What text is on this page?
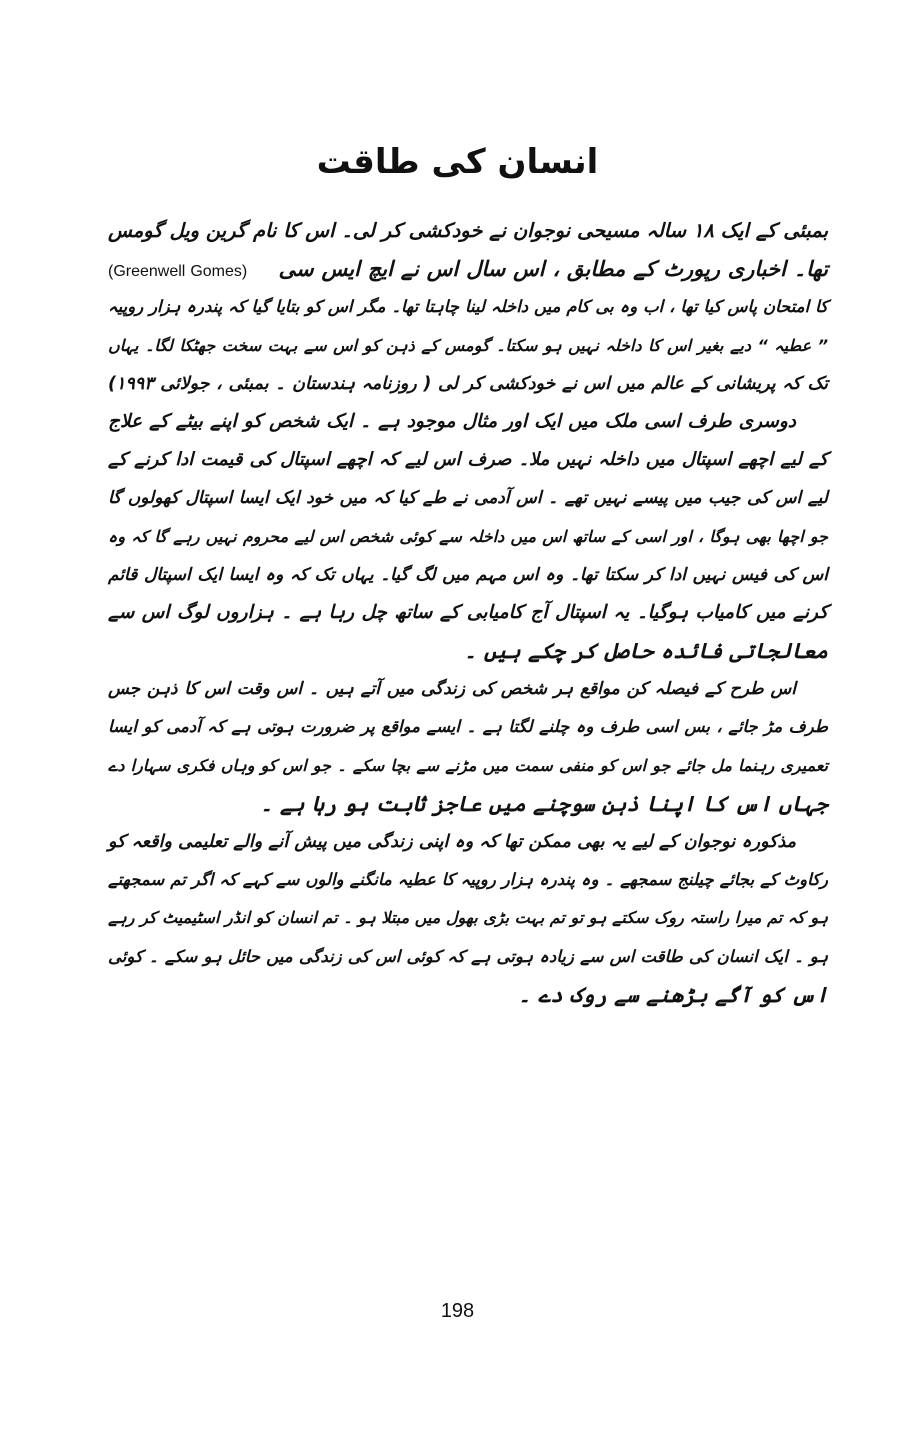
انسان کی طاقت
بمبئی کے ایک ۱۸ سالہ مسیحی نوجوان نے خودکشی کر لی۔ اس کا نام گرین ویل گومس
تھا۔ اخباری رپورٹ کے مطابق ، اس سال اس نے ایچ ایس سی    (Greenwell Gomes)
کا امتحان پاس کیا تھا ، اب وہ بی کام میں داخلہ لینا چاہتا تھا۔ مگر اس کو بتایا گیا کہ پندرہ ہزار روپیہ
” عطیہ “ دیے بغیر اس کا داخلہ نہیں ہو سکتا۔ گومس کے ذہن کو اس سے بہت سخت جھٹکا لگا۔ یہاں
تک کہ پریشانی کے عالم میں اس نے خودکشی کر لی ( روزنامہ ہندستان ۔ بمبئی ، جولائی ۱۹۹۳)
دوسری طرف اسی ملک میں ایک اور مثال موجود ہے ۔ ایک شخص کو اپنے بیٹے کے علاج
کے لیے اچھے اسپتال میں داخلہ نہیں ملا۔ صرف اس لیے کہ اچھے اسپتال کی قیمت ادا کرنے کے
لیے اس کی جیب میں پیسے نہیں تھے ۔ اس آدمی نے طے کیا کہ میں خود ایک ایسا اسپتال کھولوں گا
جو اچھا بھی ہوگا ، اور اسی کے ساتھ اس میں داخلہ سے کوئی شخص اس لیے محروم نہیں رہے گا کہ وہ
اس کی فیس نہیں ادا کر سکتا تھا۔ وہ اس مہم میں لگ گیا۔ یہاں تک کہ وہ ایسا ایک اسپتال قائم
کرنے میں کامیاب ہوگیا۔ یہ اسپتال آج کامیابی کے ساتھ چل رہا ہے ۔ ہزاروں لوگ اس سے
معالجاتی فائدہ حاصل کر چکے ہیں ۔
اس طرح کے فیصلہ کن مواقع ہر شخص کی زندگی میں آتے ہیں ۔ اس وقت اس کا ذہن جس
طرف مڑ جائے ، بس اسی طرف وہ چلنے لگتا ہے ۔ ایسے مواقع پر ضرورت ہوتی ہے کہ آدمی کو ایسا
تعمیری رہنما مل جائے جو اس کو منفی سمت میں مڑنے سے بچا سکے ۔ جو اس کو وہاں فکری سہارا دے
جہاں اس کا اپنا ذہن سوچنے میں عاجز ثابت ہو رہا ہے ۔
مذکورہ نوجوان کے لیے یہ بھی ممکن تھا کہ وہ اپنی زندگی میں پیش آنے والے تعلیمی واقعہ کو
رکاوٹ کے بجائے چیلنج سمجھے ۔ وہ پندرہ ہزار روپیہ کا عطیہ مانگنے والوں سے کہے کہ اگر تم سمجھتے
ہو کہ تم میرا راستہ روک سکتے ہو تو تم بہت بڑی بھول میں مبتلا ہو ۔ تم انسان کو انڈر اسٹیمیٹ کر رہے
ہو ۔ ایک انسان کی طاقت اس سے زیادہ ہوتی ہے کہ کوئی اس کی زندگی میں حائل ہو سکے ۔ کوئی
اس کو آگے بڑھنے سے روک دے ۔
198
